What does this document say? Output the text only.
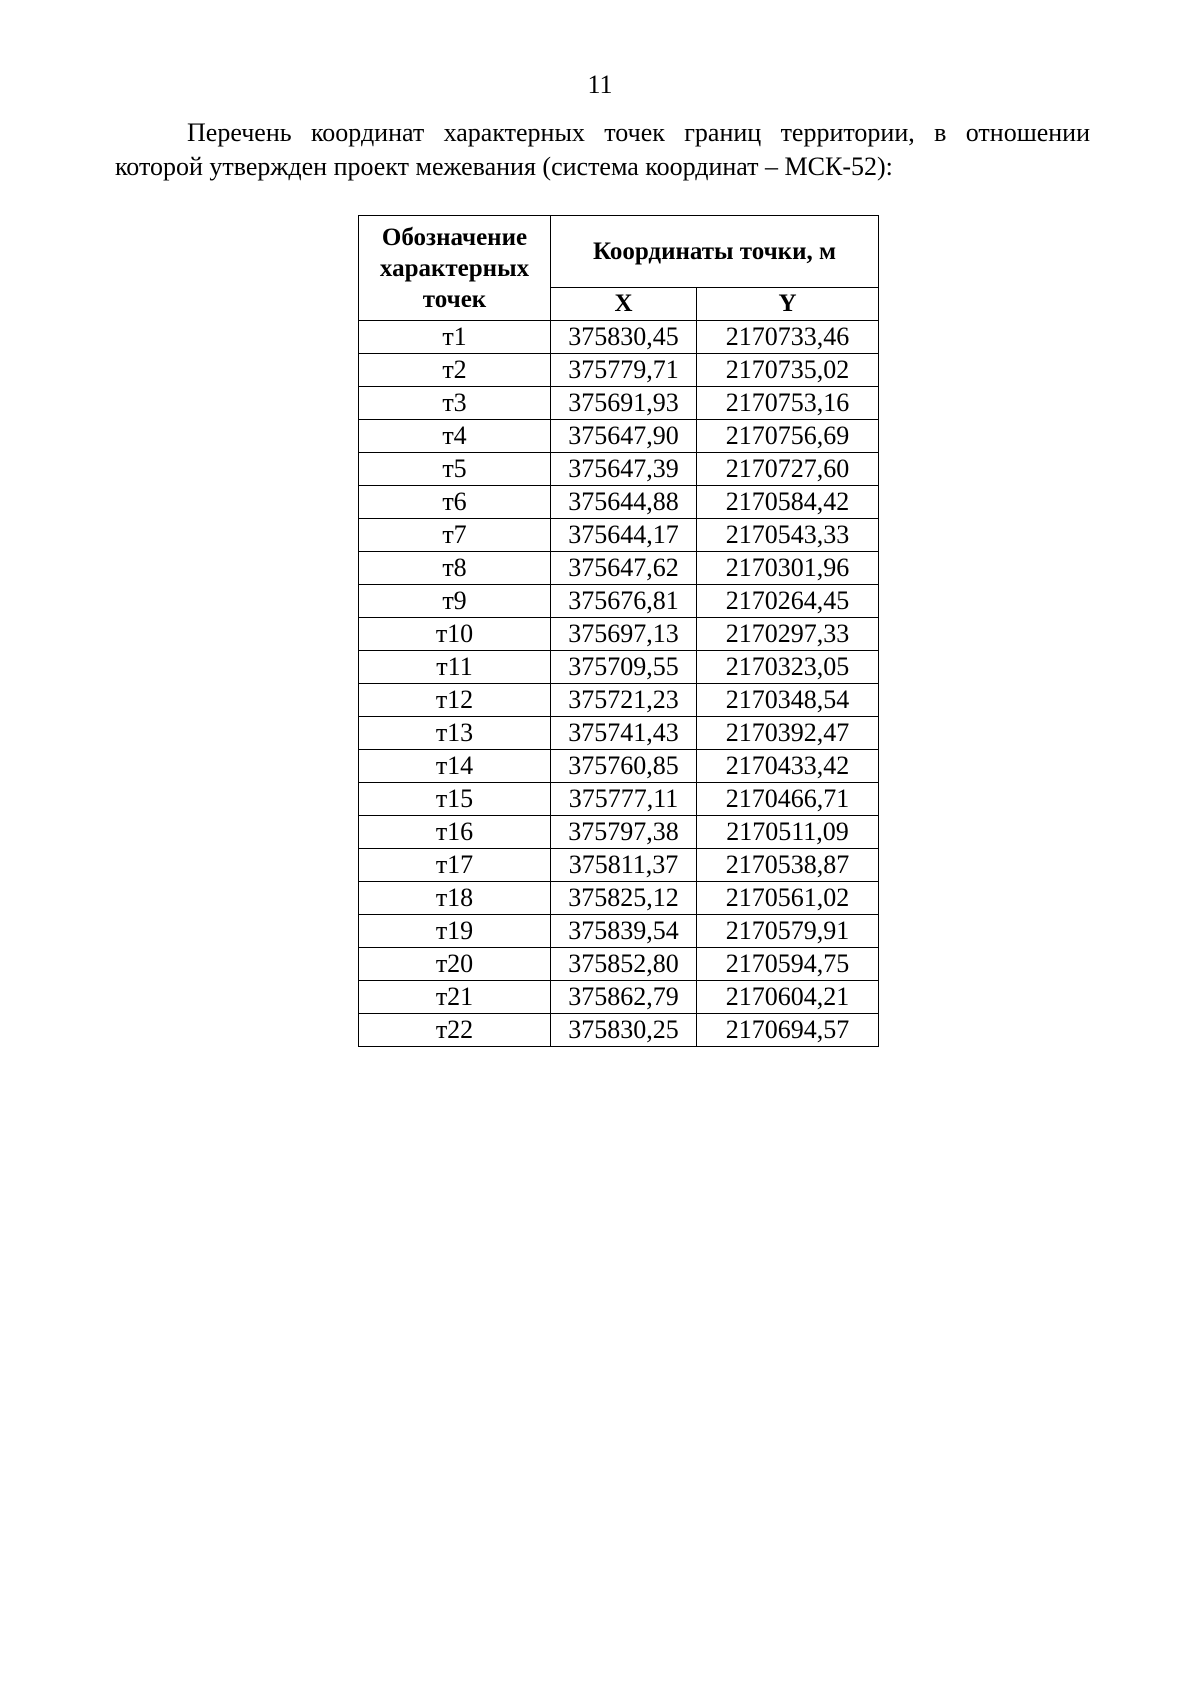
11

Перечень координат характерных точек границ территории, в отношении которой утвержден проект межевания (система координат – МСК-52):

Обозначение характерных точек	Координаты точки, м	
	X	Y
т1	375830,45	2170733,46
т2	375779,71	2170735,02
т3	375691,93	2170753,16
т4	375647,90	2170756,69
т5	375647,39	2170727,60
т6	375644,88	2170584,42
т7	375644,17	2170543,33
т8	375647,62	2170301,96
т9	375676,81	2170264,45
т10	375697,13	2170297,33
т11	375709,55	2170323,05
т12	375721,23	2170348,54
т13	375741,43	2170392,47
т14	375760,85	2170433,42
т15	375777,11	2170466,71
т16	375797,38	2170511,09
т17	375811,37	2170538,87
т18	375825,12	2170561,02
т19	375839,54	2170579,91
т20	375852,80	2170594,75
т21	375862,79	2170604,21
т22	375830,25	2170694,57
